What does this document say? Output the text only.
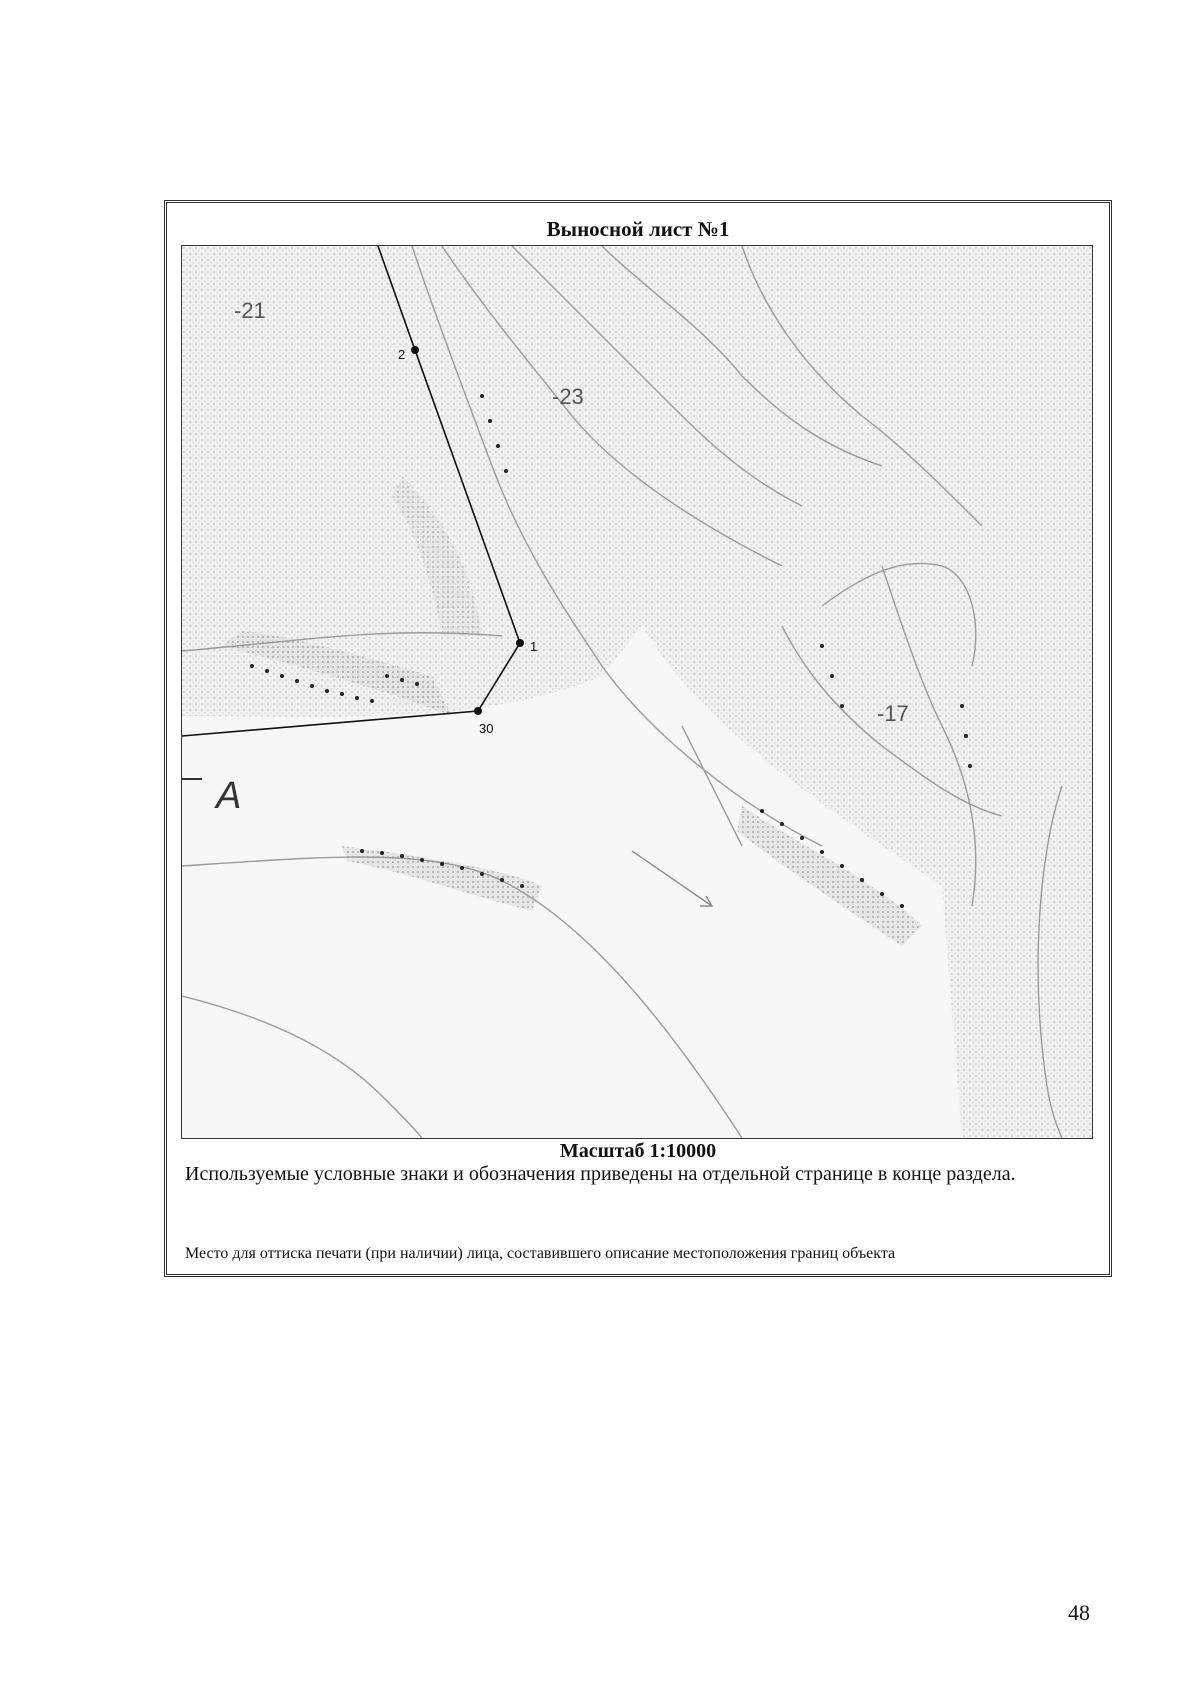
Выносной лист №1
2
1
30
-21
-23
-17
А
Масштаб 1:10000
Используемые условные знаки и обозначения приведены на отдельной странице в конце раздела.
Место для оттиска печати (при наличии) лица, составившего описание местоположения границ объекта
48
